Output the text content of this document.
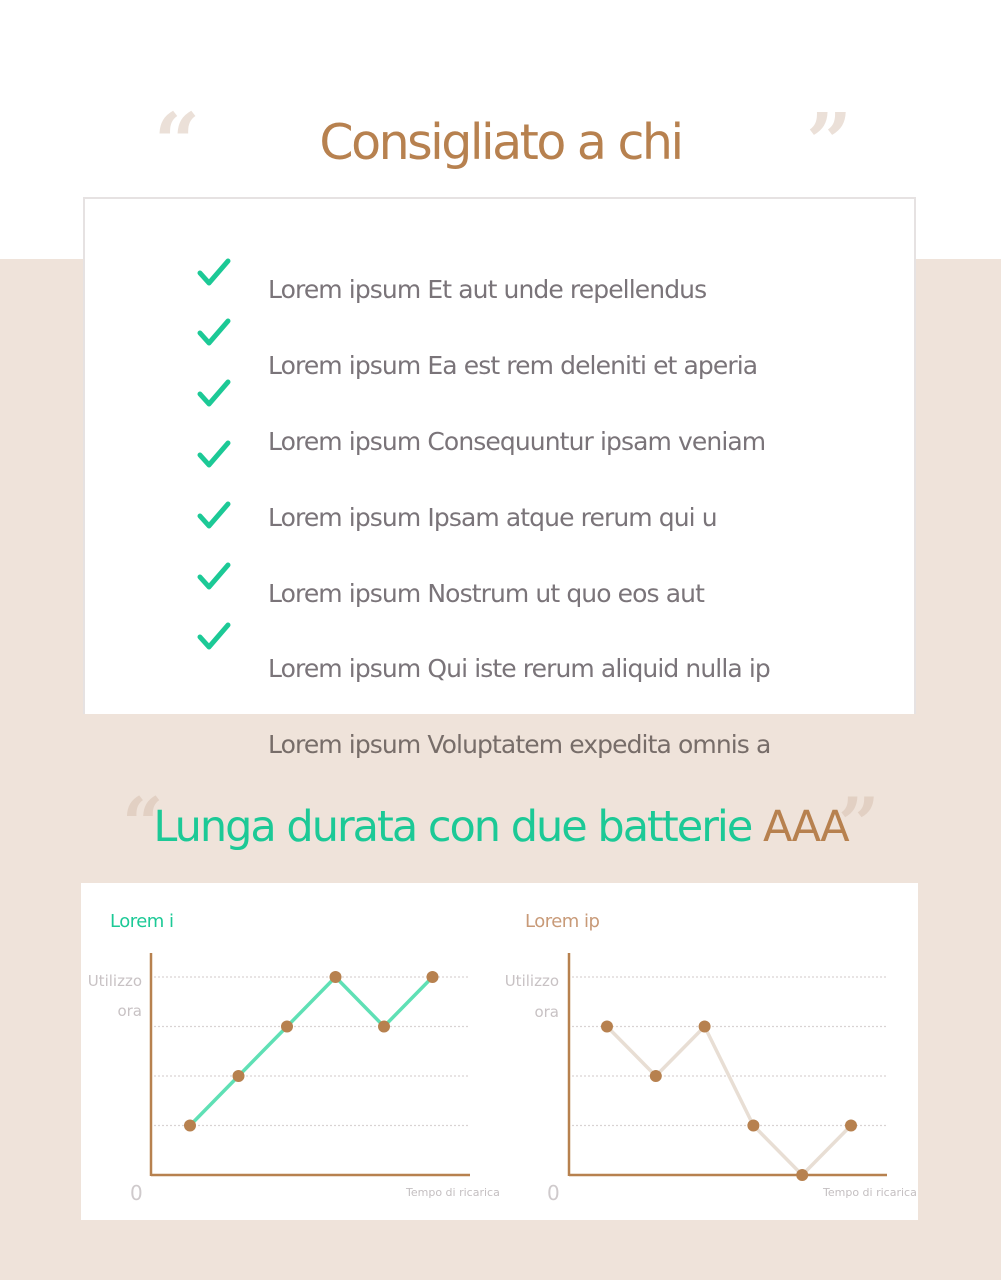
“	”
Consigliato a chi
Lorem ipsum Et aut unde repellendus
Lorem ipsum Ea est rem deleniti et aperia
Lorem ipsum Consequuntur ipsam veniam
Lorem ipsum Ipsam atque rerum qui u
Lorem ipsum Nostrum ut quo eos aut
Lorem ipsum Qui iste rerum aliquid nulla ip
Lorem ipsum Voluptatem expedita omnis a
“	”
Lunga durata con due batterie AAA
Lorem i
Utilizzo
ora
0	Tempo di ricarica
Lorem ip
Utilizzo
ora
0	Tempo di ricarica
